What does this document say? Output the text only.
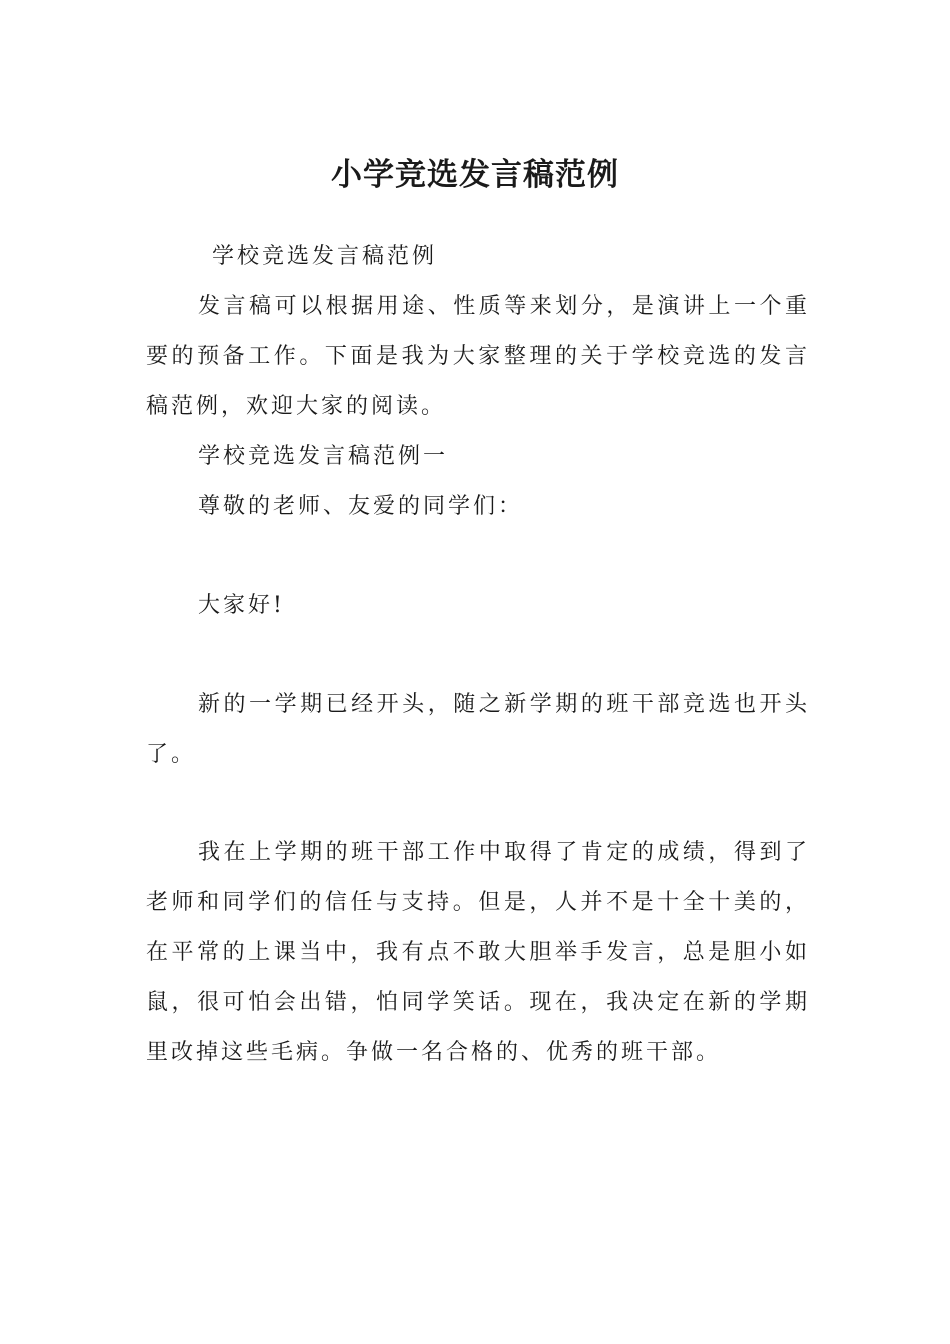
小学竞选发言稿范例

学校竞选发言稿范例

发言稿可以根据用途、性质等来划分，是演讲上一个重要的预备工作。下面是我为大家整理的关于学校竞选的发言稿范例，欢迎大家的阅读。

学校竞选发言稿范例一

尊敬的老师、友爱的同学们：

大家好!

新的一学期已经开头，随之新学期的班干部竞选也开头了。

我在上学期的班干部工作中取得了肯定的成绩，得到了老师和同学们的信任与支持。但是，人并不是十全十美的，在平常的上课当中，我有点不敢大胆举手发言，总是胆小如鼠，很可怕会出错，怕同学笑话。现在，我决定在新的学期里改掉这些毛病。争做一名合格的、优秀的班干部。
